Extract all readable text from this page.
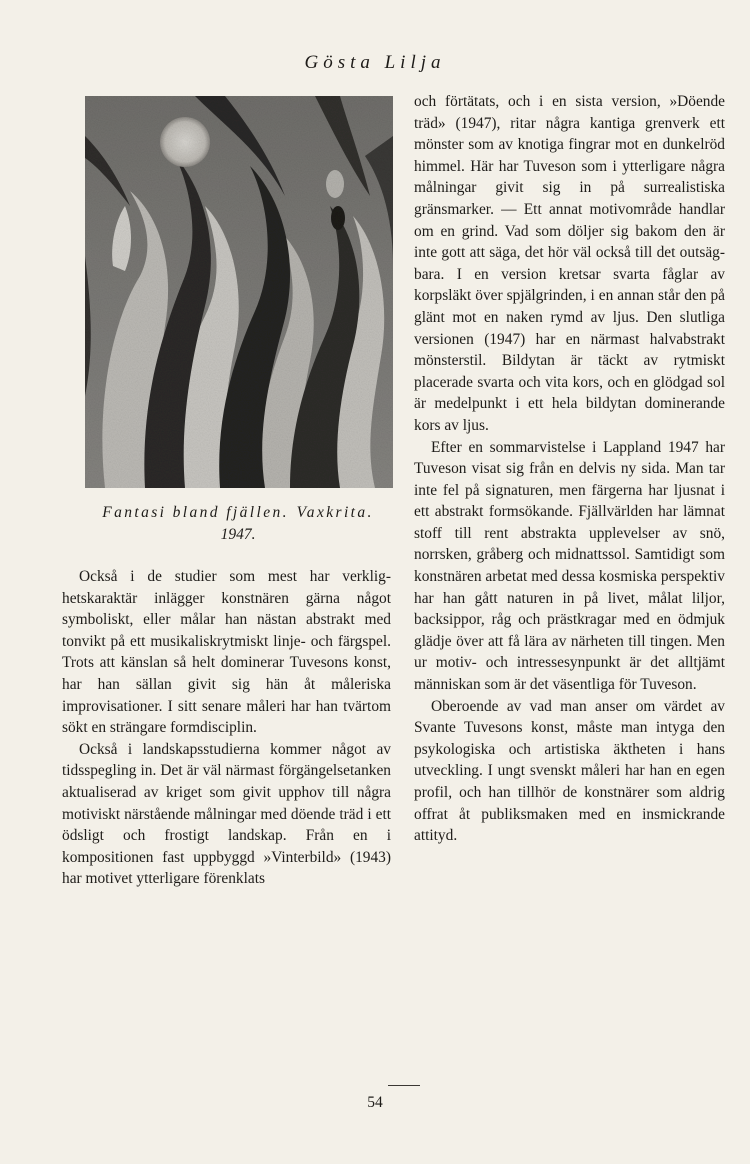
Gösta Lilja
Fantasi bland fjällen. Vaxkrita.
1947.

Också i de studier som mest har verklighetskaraktär inlägger konstnären gärna något symboliskt, eller målar han nästan abstrakt med tonvikt på ett musikaliskrytmiskt linje- och färgspel. Trots att känslan så helt dominerar Tuvesons konst, har han sällan givit sig hän åt måleriska improvisationer. I sitt senare måleri har han tvärtom sökt en strängare formdisciplin.

Också i landskapsstudierna kommer något av tidsspegling in. Det är väl närmast förgängelsetanken aktualiserad av kriget som givit upphov till några motiviskt närstående målningar med döende träd i ett ödsligt och frostigt landskap. Från en i kompositionen fast uppbyggd »Vinterbild» (1943) har motivet ytterligare förenklats

och förtätats, och i en sista version, »Döende träd» (1947), ritar några kantiga grenverk ett mönster som av knotiga fingrar mot en dunkelröd himmel. Här har Tuveson som i ytterligare några målningar givit sig in på surrealistiska gränsmarker. — Ett annat motivområde handlar om en grind. Vad som döljer sig bakom den är inte gott att säga, det hör väl också till det outsägbara. I en version kretsar svarta fåglar av korpsläkt över spjälgrinden, i en annan står den på glänt mot en naken rymd av ljus. Den slutliga versionen (1947) har en närmast halvabstrakt mönsterstil. Bildytan är täckt av rytmiskt placerade svarta och vita kors, och en glödgad sol är medelpunkt i ett hela bildytan dominerande kors av ljus.

Efter en sommarvistelse i Lappland 1947 har Tuveson visat sig från en delvis ny sida. Man tar inte fel på signaturen, men färgerna har ljusnat i ett abstrakt formsökande. Fjällvärlden har lämnat stoff till rent abstrakta upplevelser av snö, norrsken, gråberg och midnattssol. Samtidigt som konstnären arbetat med dessa kosmiska perspektiv har han gått naturen in på livet, målat liljor, backsippor, råg och prästkragar med en ödmjuk glädje över att få lära av närheten till tingen. Men ur motiv- och intressesynpunkt är det alltjämt människan som är det väsentliga för Tuveson.

Oberoende av vad man anser om värdet av Svante Tuvesons konst, måste man intyga den psykologiska och artistiska äktheten i hans utveckling. I ungt svenskt måleri har han en egen profil, och han tillhör de konstnärer som aldrig offrat åt publiksmaken med en insmickrande attityd.

54
